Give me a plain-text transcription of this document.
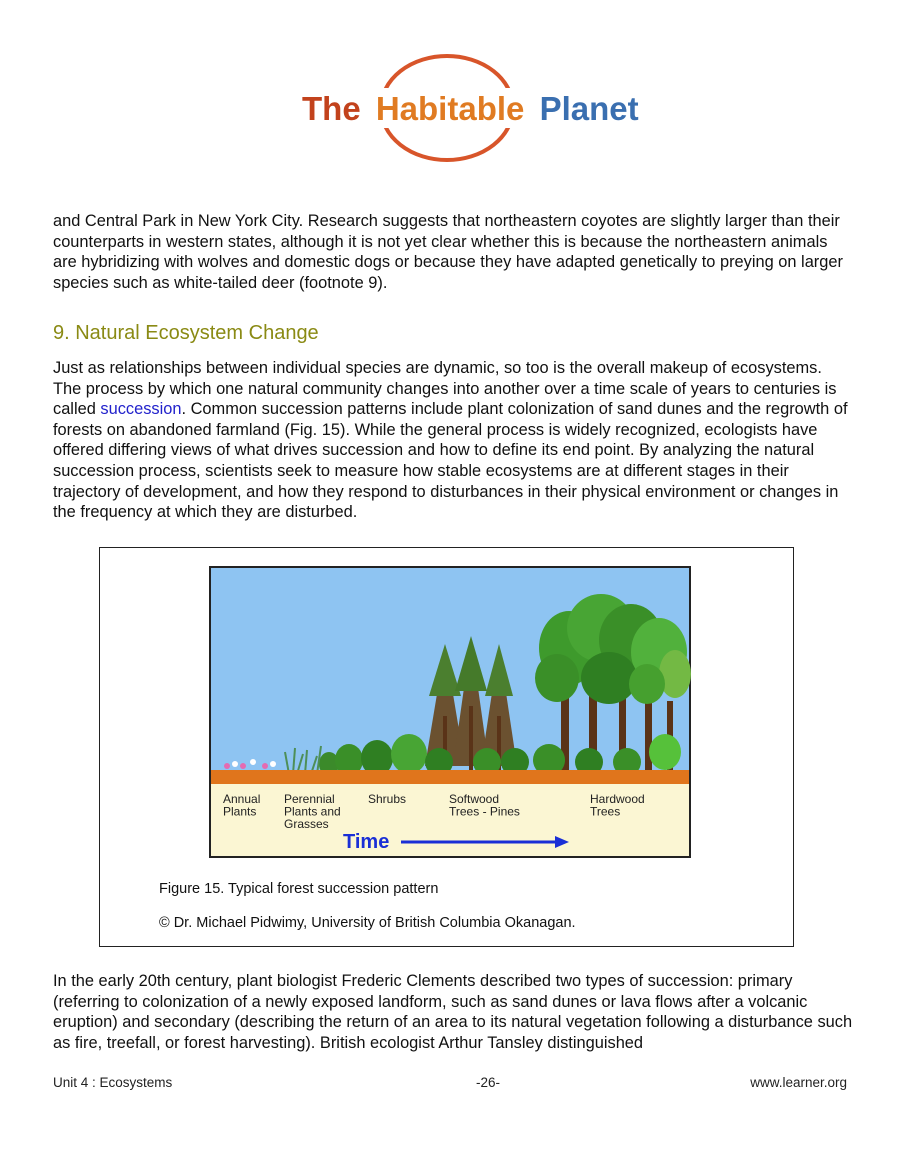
The Habitable Planet

and Central Park in New York City. Research suggests that northeastern coyotes are slightly larger than their counterparts in western states, although it is not yet clear whether this is because the northeastern animals are hybridizing with wolves and domestic dogs or because they have adapted genetically to preying on larger species such as white-tailed deer (footnote 9).

9. Natural Ecosystem Change

Just as relationships between individual species are dynamic, so too is the overall makeup of ecosystems. The process by which one natural community changes into another over a time scale of years to centuries is called succession. Common succession patterns include plant colonization of sand dunes and the regrowth of forests on abandoned farmland (Fig. 15). While the general process is widely recognized, ecologists have offered differing views of what drives succession and how to define its end point. By analyzing the natural succession process, scientists seek to measure how stable ecosystems are at different stages in their trajectory of development, and how they respond to disturbances in their physical environment or changes in the frequency at which they are disturbed.

Annual Plants
Perennial Plants and Grasses
Shrubs	Softwood Trees - Pines
Hardwood Trees
Time

Figure 15. Typical forest succession pattern

© Dr. Michael Pidwimy, University of British Columbia Okanagan.

In the early 20th century, plant biologist Frederic Clements described two types of succession: primary (referring to colonization of a newly exposed landform, such as sand dunes or lava flows after a volcanic eruption) and secondary (describing the return of an area to its natural vegetation following a disturbance such as fire, treefall, or forest harvesting). British ecologist Arthur Tansley distinguished

Unit 4 : Ecosystems	-26-	www.learner.org
